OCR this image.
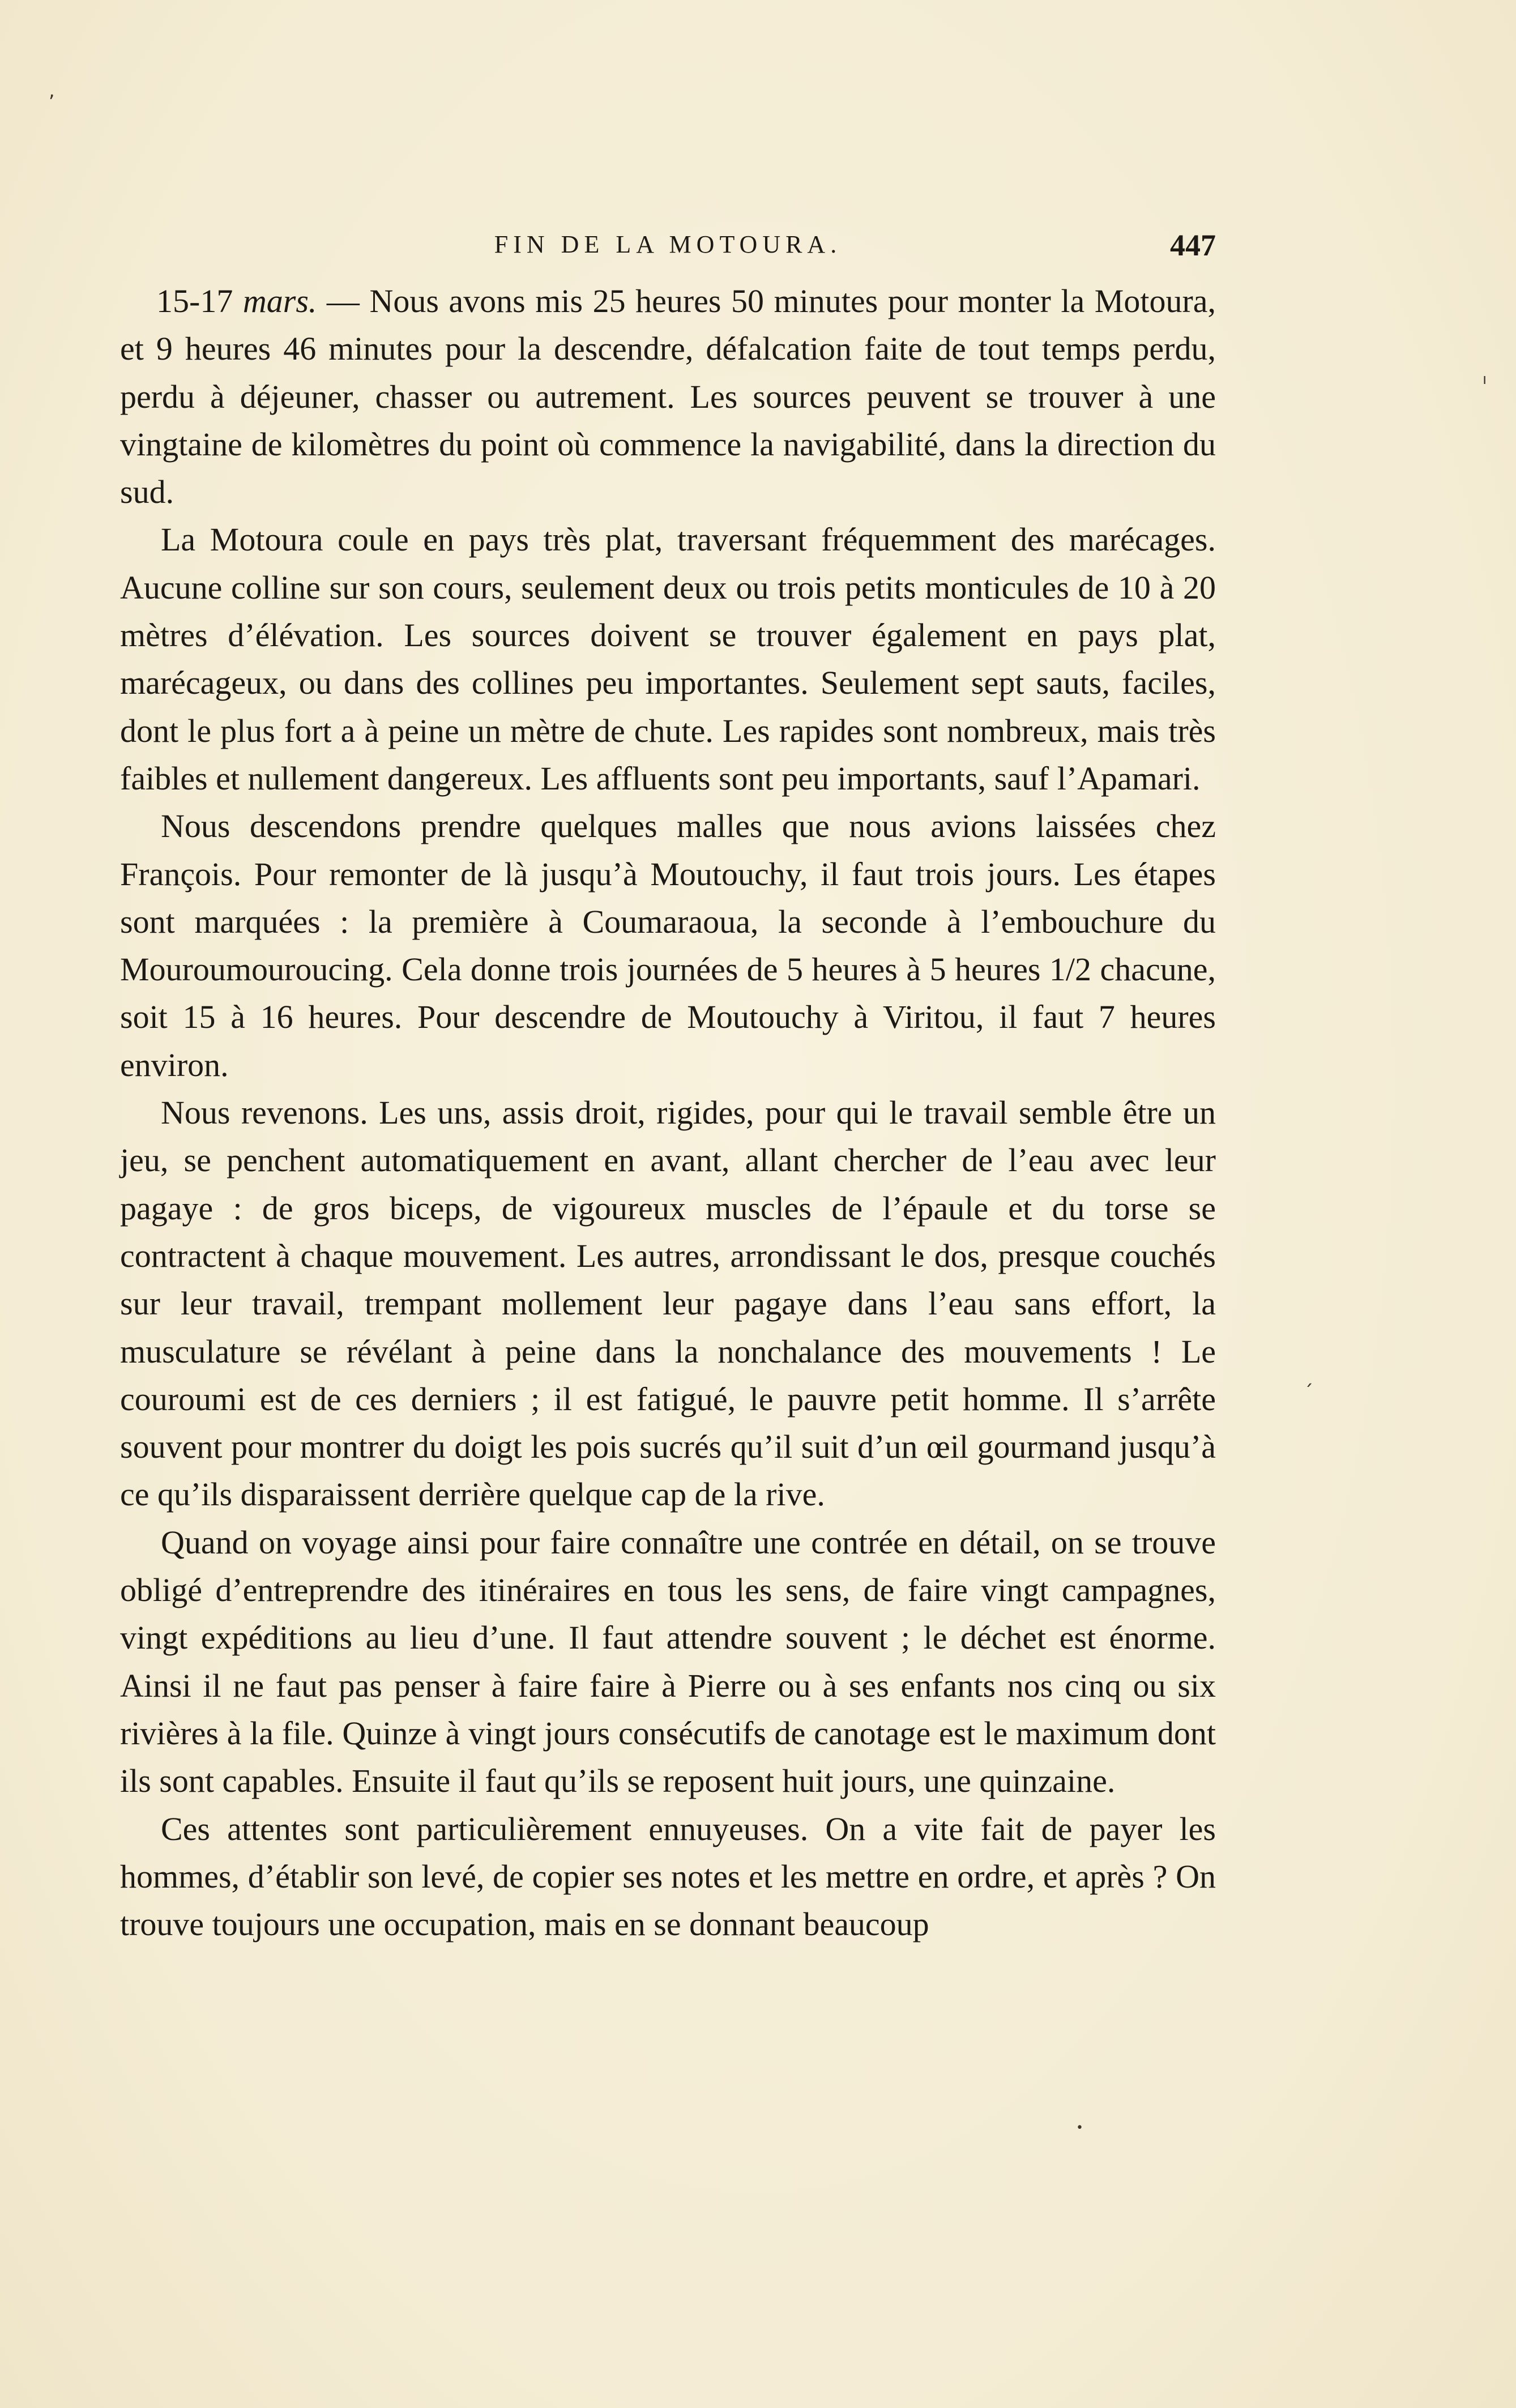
,
ı
ˏ
•
FIN DE LA MOTOURA.	447

15-17 mars. — Nous avons mis 25 heures 50 minutes pour monter la Motoura, et 9 heures 46 minutes pour la descendre, défalcation faite de tout temps perdu, perdu à déjeuner, chasser ou autrement. Les sources peuvent se trouver à une vingtaine de kilomètres du point où commence la navigabilité, dans la direction du sud.

La Motoura coule en pays très plat, traversant fréquemment des marécages. Aucune colline sur son cours, seulement deux ou trois petits monticules de 10 à 20 mètres d’élévation. Les sources doivent se trouver également en pays plat, marécageux, ou dans des collines peu importantes. Seulement sept sauts, faciles, dont le plus fort a à peine un mètre de chute. Les rapides sont nombreux, mais très faibles et nullement dangereux. Les affluents sont peu importants, sauf l’Apamari.

Nous descendons prendre quelques malles que nous avions laissées chez François. Pour remonter de là jusqu’à Moutouchy, il faut trois jours. Les étapes sont marquées : la première à Coumaraoua, la seconde à l’embouchure du Mouroumouroucing. Cela donne trois journées de 5 heures à 5 heures 1/2 chacune, soit 15 à 16 heures. Pour descendre de Moutouchy à Viritou, il faut 7 heures environ.

Nous revenons. Les uns, assis droit, rigides, pour qui le travail semble être un jeu, se penchent automatiquement en avant, allant chercher de l’eau avec leur pagaye : de gros biceps, de vigoureux muscles de l’épaule et du torse se contractent à chaque mouvement. Les autres, arrondissant le dos, presque couchés sur leur travail, trempant mollement leur pagaye dans l’eau sans effort, la musculature se révélant à peine dans la nonchalance des mouvements ! Le couroumi est de ces derniers ; il est fatigué, le pauvre petit homme. Il s’arrête souvent pour montrer du doigt les pois sucrés qu’il suit d’un œil gourmand jusqu’à ce qu’ils disparaissent derrière quelque cap de la rive.

Quand on voyage ainsi pour faire connaître une contrée en détail, on se trouve obligé d’entreprendre des itinéraires en tous les sens, de faire vingt campagnes, vingt expéditions au lieu d’une. Il faut attendre souvent ; le déchet est énorme. Ainsi il ne faut pas penser à faire faire à Pierre ou à ses enfants nos cinq ou six rivières à la file. Quinze à vingt jours consécutifs de canotage est le maximum dont ils sont capables. Ensuite il faut qu’ils se reposent huit jours, une quinzaine.

Ces attentes sont particulièrement ennuyeuses. On a vite fait de payer les hommes, d’établir son levé, de copier ses notes et les mettre en ordre, et après ? On trouve toujours une occupation, mais en se donnant beaucoup
